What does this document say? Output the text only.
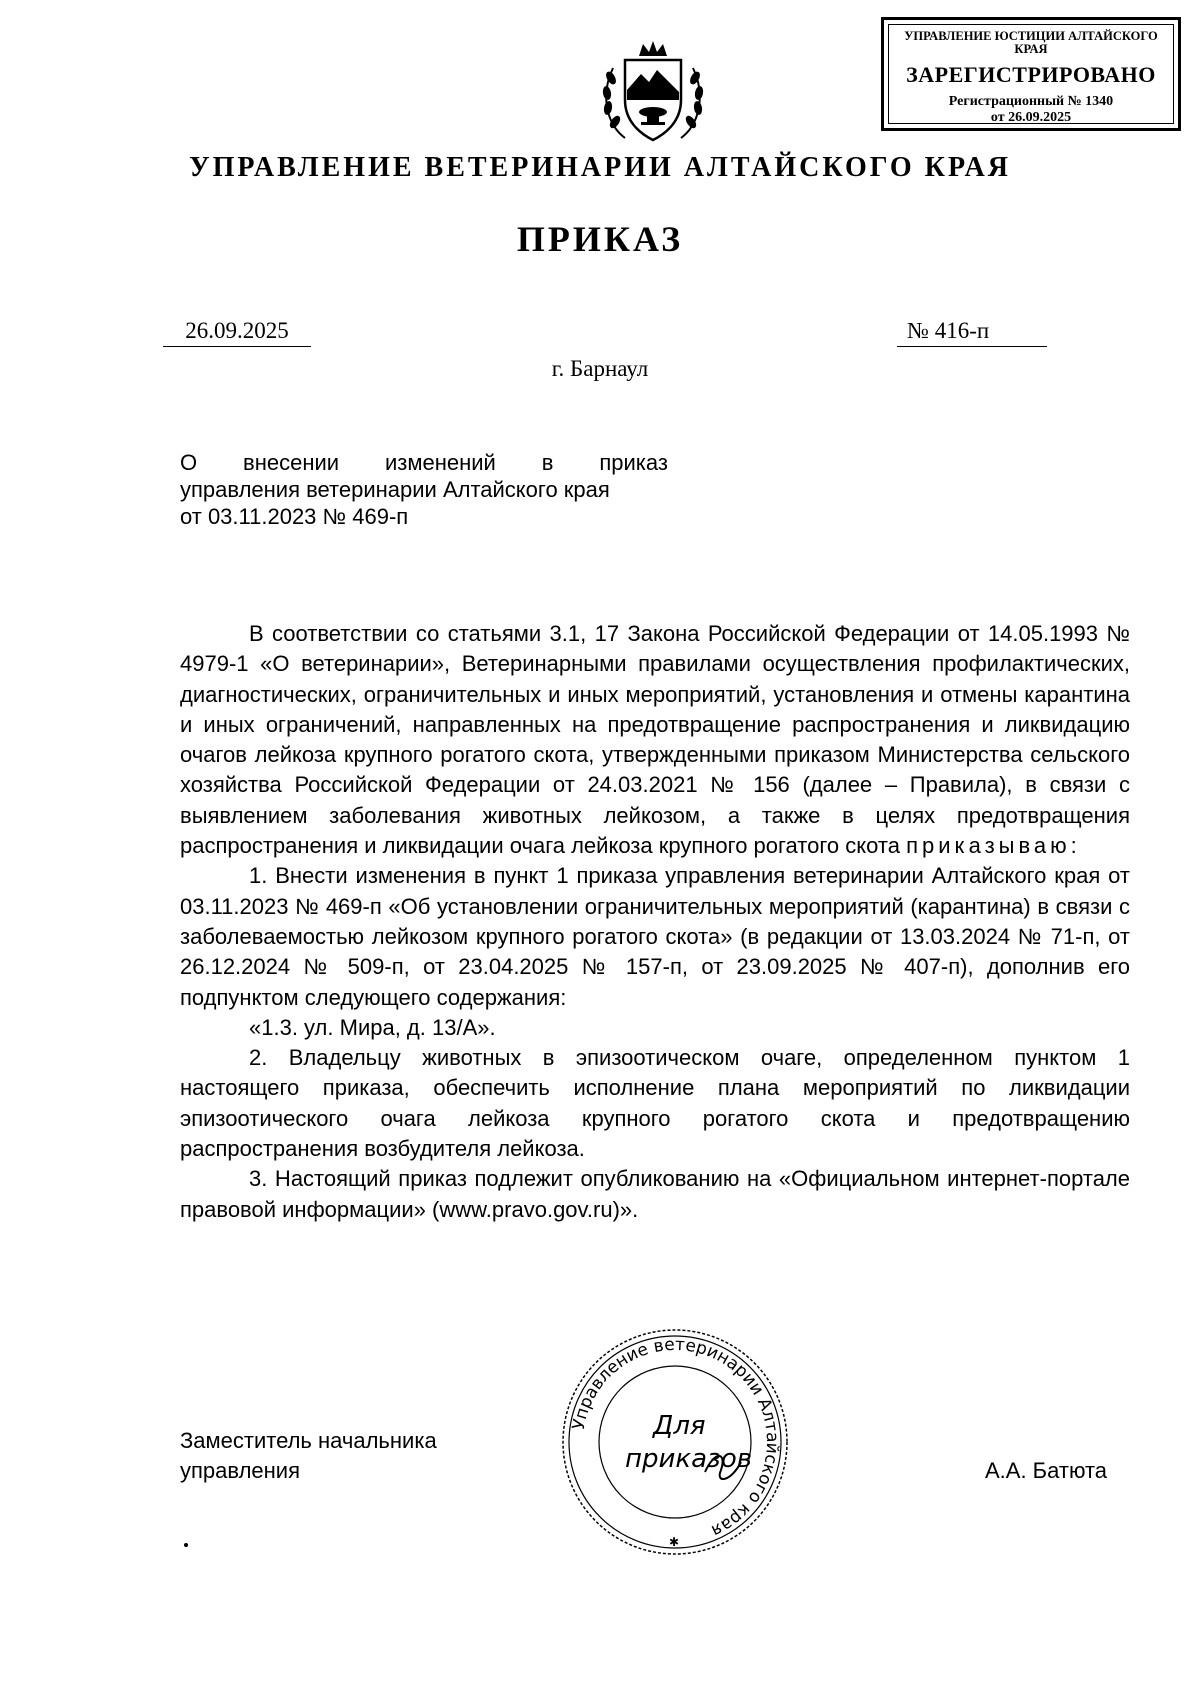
УПРАВЛЕНИЕ ЮСТИЦИИ АЛТАЙСКОГО КРАЯ
ЗАРЕГИСТРИРОВАНО
Регистрационный № 1340
от 26.09.2025
УПРАВЛЕНИЕ ВЕТЕРИНАРИИ АЛТАЙСКОГО КРАЯ
ПРИКАЗ
26.09.2025	№ 416-п
г. Барнаул
О внесении изменений в приказ
управления ветеринарии Алтайского края
от 03.11.2023 № 469-п

В соответствии со статьями 3.1, 17 Закона Российской Федерации от 14.05.1993 № 4979-1 «О ветеринарии», Ветеринарными правилами осуществления профилактических, диагностических, ограничительных и иных мероприятий, установления и отмены карантина и иных ограничений, направленных на предотвращение распространения и ликвидацию очагов лейкоза крупного рогатого скота, утвержденными приказом Министерства сельского хозяйства Российской Федерации от 24.03.2021 № 156 (далее – Правила), в связи с выявлением заболевания животных лейкозом, а также в целях предотвращения распространения и ликвидации очага лейкоза крупного рогатого скота приказываю:

1. Внести изменения в пункт 1 приказа управления ветеринарии Алтайского края от 03.11.2023 № 469-п «Об установлении ограничительных мероприятий (карантина) в связи с заболеваемостью лейкозом крупного рогатого скота» (в редакции от 13.03.2024 № 71-п, от 26.12.2024 № 509-п, от 23.04.2025 № 157-п, от 23.09.2025 № 407-п), дополнив его подпунктом следующего содержания:

«1.3. ул. Мира, д. 13/А».

2. Владельцу животных в эпизоотическом очаге, определенном пунктом 1 настоящего приказа, обеспечить исполнение плана мероприятий по ликвидации эпизоотического очага лейкоза крупного рогатого скота и предотвращению распространения возбудителя лейкоза.

3. Настоящий приказ подлежит опубликованию на «Официальном интернет-портале правовой информации» (www.pravo.gov.ru)».

Заместитель начальника
управления	А.А. Батюта
Управление ветеринарии Алтайского края
Для
приказов
✱
